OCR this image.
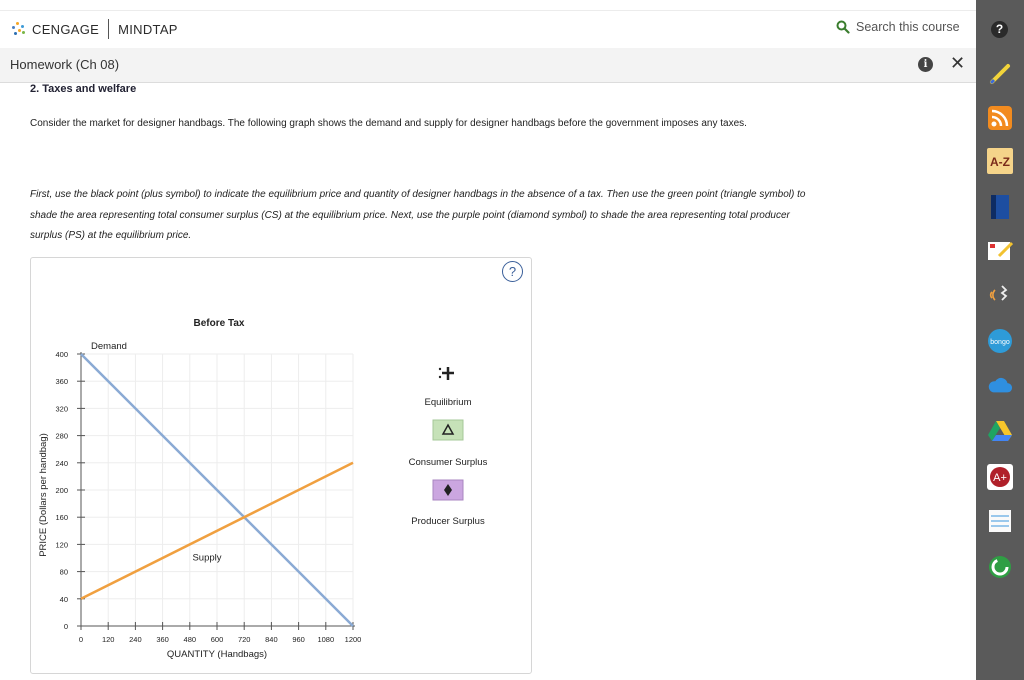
CENGAGE MINDTAP	Search this course	?
A-Z
bongo
A+
Homework (Ch 08)	i	✕
2. Taxes and welfare
Consider the market for designer handbags. The following graph shows the demand and supply for designer handbags before the government imposes any taxes.
First, use the black point (plus symbol) to indicate the equilibrium price and quantity of designer handbags in the absence of a tax. Then use the green point (triangle symbol) to shade the area representing total consumer surplus (CS) at the equilibrium price. Next, use the purple point (diamond symbol) to shade the area representing total producer surplus (PS) at the equilibrium price.
?
0	120 240 360 480 600 720 840 960 1080 1200
0
40
80
120
160
200
240
280
320
360
400
Demand
Supply
Before Tax
QUANTITY (Handbags)
PRICE (Dollars per handbag)
Equilibrium
Consumer Surplus
Producer Surplus
